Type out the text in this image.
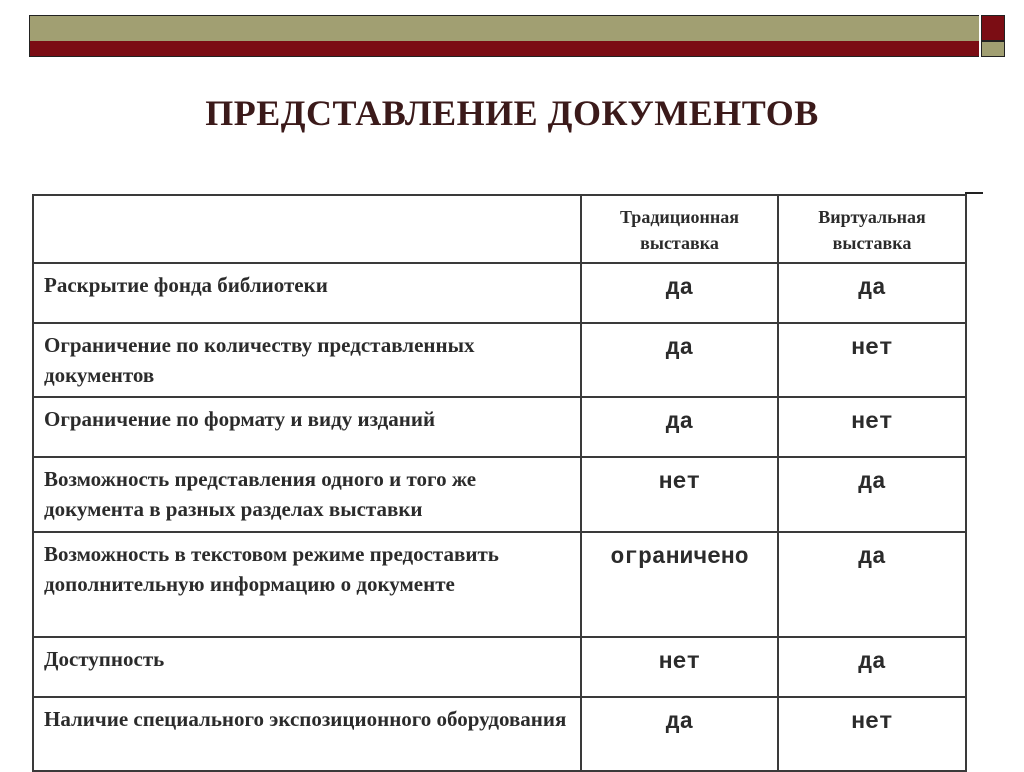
ПРЕДСТАВЛЕНИЕ ДОКУМЕНТОВ
	Традиционная выставка	Виртуальная выставка
Раскрытие фонда библиотеки	да	да
Ограничение по количеству представленных документов	да	нет
Ограничение по формату и виду изданий	да	нет
Возможность представления одного и того же документа в разных разделах выставки	нет	да
Возможность в текстовом режиме предоставить дополнительную информацию о документе	ограничено	да
Доступность	нет	да
Наличие специального экспозиционного оборудования	да	нет
